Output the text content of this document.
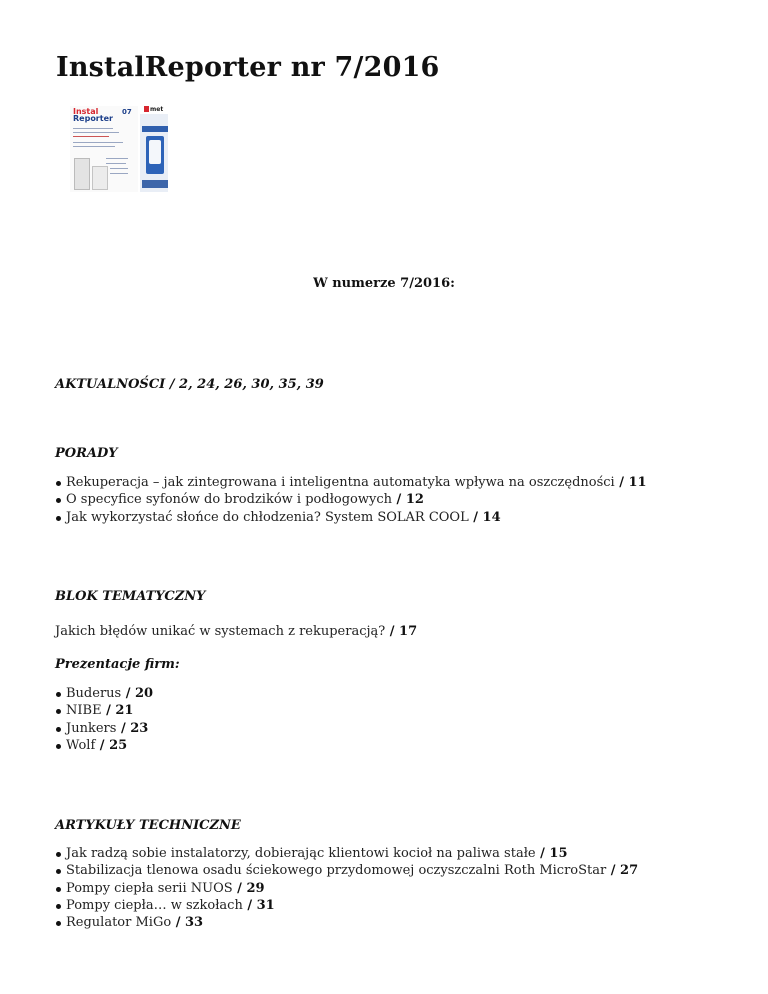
InstalReporter nr 7/2016
Instal
Reporter
07	met

W numerze 7/2016:

AKTUALNOŚCI / 2, 24, 26, 30, 35, 39

PORADY

Rekuperacja – jak zintegrowana i inteligentna automatyka wpływa na oszczędności / 11
O specyfice syfonów do brodzików i podłogowych / 12
Jak wykorzystać słońce do chłodzenia? System SOLAR COOL / 14

BLOK TEMATYCZNY

Jakich błędów unikać w systemach z rekuperacją? / 17

Prezentacje firm:

Buderus / 20
NIBE / 21
Junkers / 23
Wolf / 25

ARTYKUŁY TECHNICZNE

Jak radzą sobie instalatorzy, dobierając klientowi kocioł na paliwa stałe / 15
Stabilizacja tlenowa osadu ściekowego przydomowej oczyszczalni Roth MicroStar / 27
Pompy ciepła serii NUOS / 29
Pompy ciepła… w szkołach / 31
Regulator MiGo / 33
